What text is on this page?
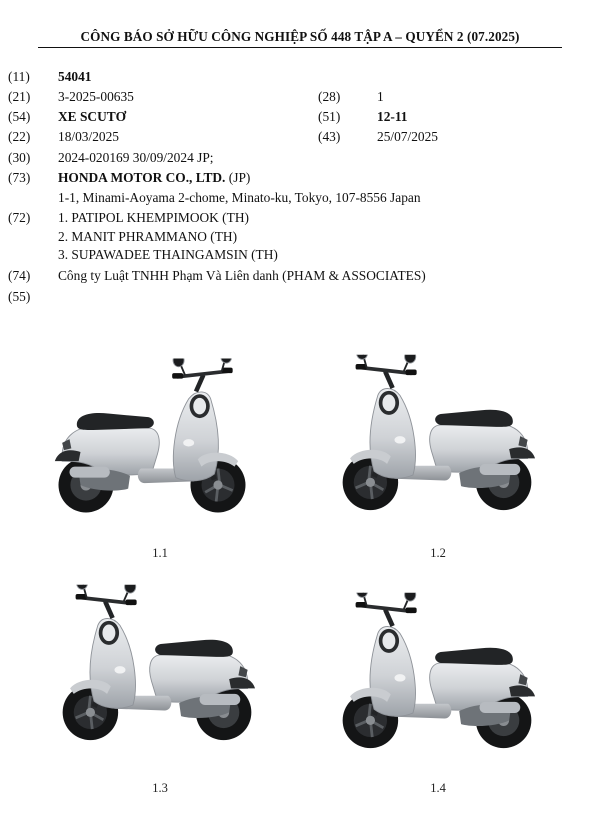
CÔNG BÁO SỞ HỮU CÔNG NGHIỆP SỐ 448 TẬP A – QUYỂN 2 (07.2025)
(11) 54041
(21) 3-2025-00635	(28)	1
(54) XE SCUTƠ	(51)	12-11
(22) 18/03/2025	(43)	25/07/2025
(30) 2024-020169 30/09/2024 JP;
(73) HONDA MOTOR CO., LTD. (JP)
1-1, Minami-Aoyama 2-chome, Minato-ku, Tokyo, 107-8556 Japan
(72) 1. PATIPOL KHEMPIMOOK (TH)
2. MANIT PHRAMMANO (TH)
3. SUPAWADEE THAINGAMSIN (TH)
(74) Công ty Luật TNHH Phạm Và Liên danh (PHAM & ASSOCIATES)
(55)
1.1	1.2
1.3	1.4
